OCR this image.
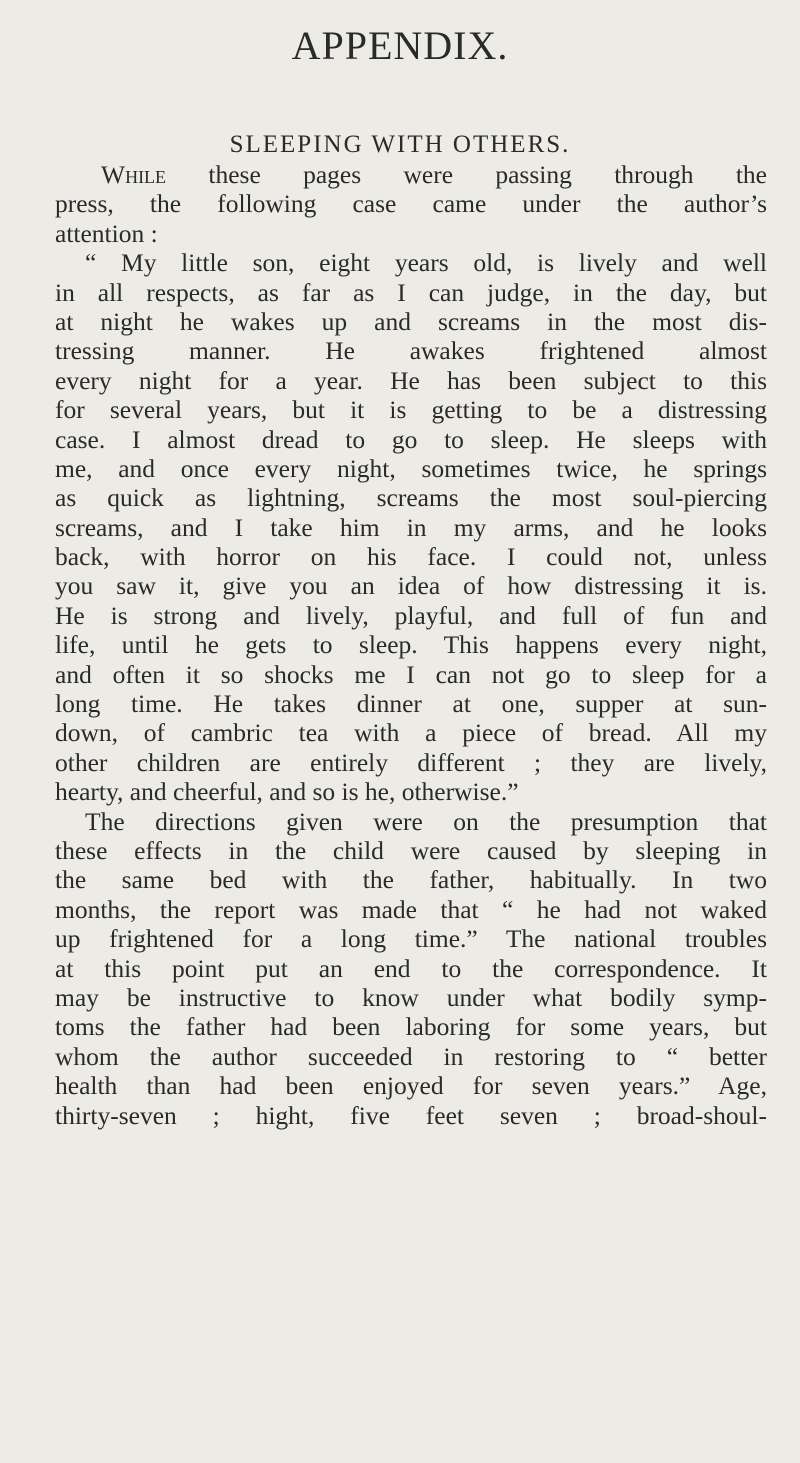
APPENDIX.
SLEEPING WITH OTHERS.
While these pages were passing through the
press, the following case came under the author’s
attention :
“ My little son, eight years old, is lively and well
in all respects, as far as I can judge, in the day, but
at night he wakes up and screams in the most dis-
tressing manner. He awakes frightened almost
every night for a year. He has been subject to this
for several years, but it is getting to be a distressing
case. I almost dread to go to sleep. He sleeps with
me, and once every night, sometimes twice, he springs
as quick as lightning, screams the most soul-piercing
screams, and I take him in my arms, and he looks
back, with horror on his face. I could not, unless
you saw it, give you an idea of how distressing it is.
He is strong and lively, playful, and full of fun and
life, until he gets to sleep. This happens every night,
and often it so shocks me I can not go to sleep for a
long time. He takes dinner at one, supper at sun-
down, of cambric tea with a piece of bread. All my
other children are entirely different ; they are lively,
hearty, and cheerful, and so is he, otherwise.”
The directions given were on the presumption that
these effects in the child were caused by sleeping in
the same bed with the father, habitually. In two
months, the report was made that “ he had not waked
up frightened for a long time.” The national troubles
at this point put an end to the correspondence. It
may be instructive to know under what bodily symp-
toms the father had been laboring for some years, but
whom the author succeeded in restoring to “ better
health than had been enjoyed for seven years.” Age,
thirty-seven ; hight, five feet seven ; broad-shoul-
